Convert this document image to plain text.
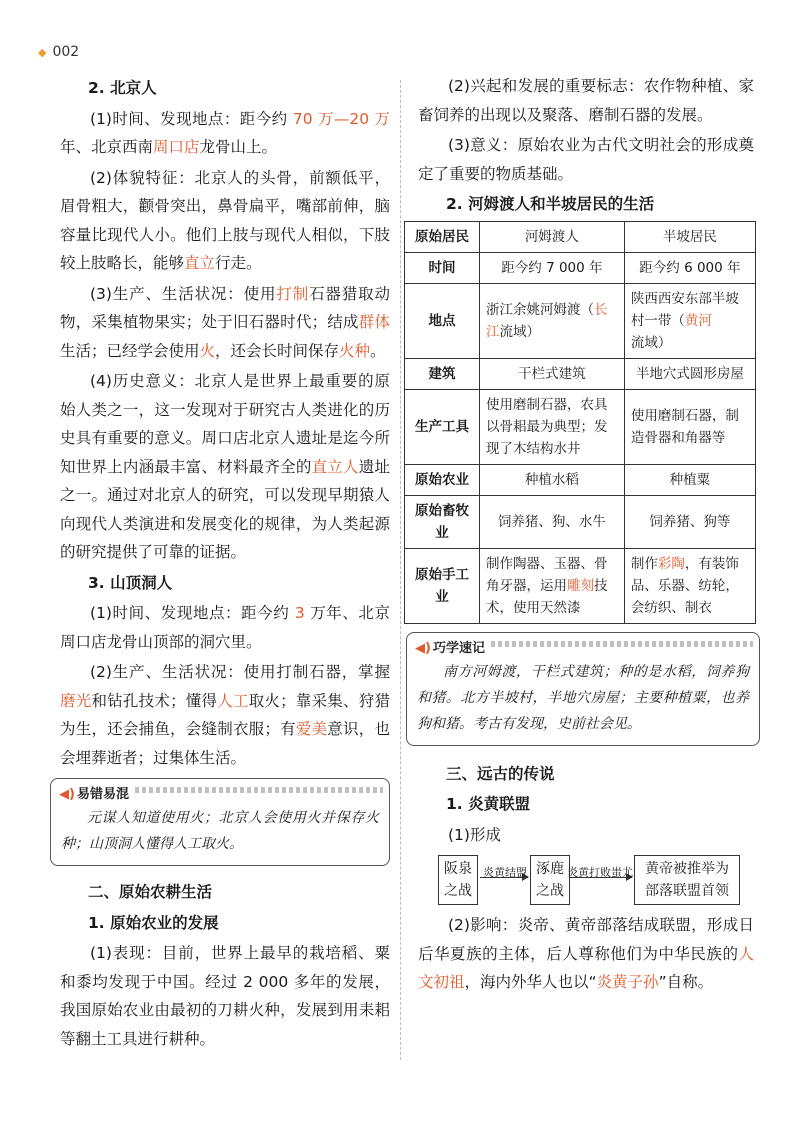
◆ 002
2. 北京人

(1)时间、发现地点：距今约 70 万—20 万 年、北京西南周口店龙骨山上。

(2)体貌特征：北京人的头骨，前额低平，眉骨粗大，颧骨突出，鼻骨扁平，嘴部前伸，脑容量比现代人小。他们上肢与现代人相似，下肢较上肢略长，能够直立行走。

(3)生产、生活状况：使用打制石器猎取动物，采集植物果实；处于旧石器时代；结成群体生活；已经学会使用火，还会长时间保存火种。

(4)历史意义：北京人是世界上最重要的原始人类之一，这一发现对于研究古人类进化的历史具有重要的意义。周口店北京人遗址是迄今所知世界上内涵最丰富、材料最齐全的直立人遗址之一。通过对北京人的研究，可以发现早期猿人向现代人类演进和发展变化的规律，为人类起源的研究提供了可靠的证据。

3. 山顶洞人

(1)时间、发现地点：距今约 3 万年、北京周口店龙骨山顶部的洞穴里。

(2)生产、生活状况：使用打制石器，掌握磨光和钻孔技术；懂得人工取火；靠采集、狩猎为生，还会捕鱼，会缝制衣服；有爱美意识，也会埋葬逝者；过集体生活。

◀) 易错易混
元谋人知道使用火；北京人会使用火并保存火种；山顶洞人懂得人工取火。
二、原始农耕生活
1. 原始农业的发展

(1)表现：目前，世界上最早的栽培稻、粟和黍均发现于中国。经过 2 000 多年的发展，我国原始农业由最初的刀耕火种，发展到用耒耜等翻土工具进行耕种。

(2)兴起和发展的重要标志：农作物种植、家畜饲养的出现以及聚落、磨制石器的发展。

(3)意义：原始农业为古代文明社会的形成奠定了重要的物质基础。

2. 河姆渡人和半坡居民的生活
原始居民	河姆渡人	半坡居民
时间	距今约 7 000 年	距今约 6 000 年
地点	浙江余姚河姆渡（长江流域）	陕西西安东部半坡村一带（黄河流域）
建筑	干栏式建筑	半地穴式圆形房屋
生产工具	使用磨制石器，农具以骨耜最为典型；发现了木结构水井	使用磨制石器，制造骨器和角器等
原始农业	种植水稻	种植粟
原始畜牧业	饲养猪、狗、水牛	饲养猪、狗等
原始手工业	制作陶器、玉器、骨角牙器，运用雕刻技术，使用天然漆	制作彩陶，有装饰品、乐器、纺轮，会纺织、制衣
◀) 巧学速记
南方河姆渡，干栏式建筑；种的是水稻，饲养狗和猪。北方半坡村，半地穴房屋；主要种植粟，也养狗和猪。考古有发现，史前社会见。
三、远古的传说
1. 炎黄联盟

(1)形成

阪泉
之战
炎黄结盟 涿鹿
之战
炎黄打败蚩尤 黄帝被推举为
部落联盟首领

(2)影响：炎帝、黄帝部落结成联盟，形成日后华夏族的主体，后人尊称他们为中华民族的人文初祖，海内外华人也以“炎黄子孙”自称。
